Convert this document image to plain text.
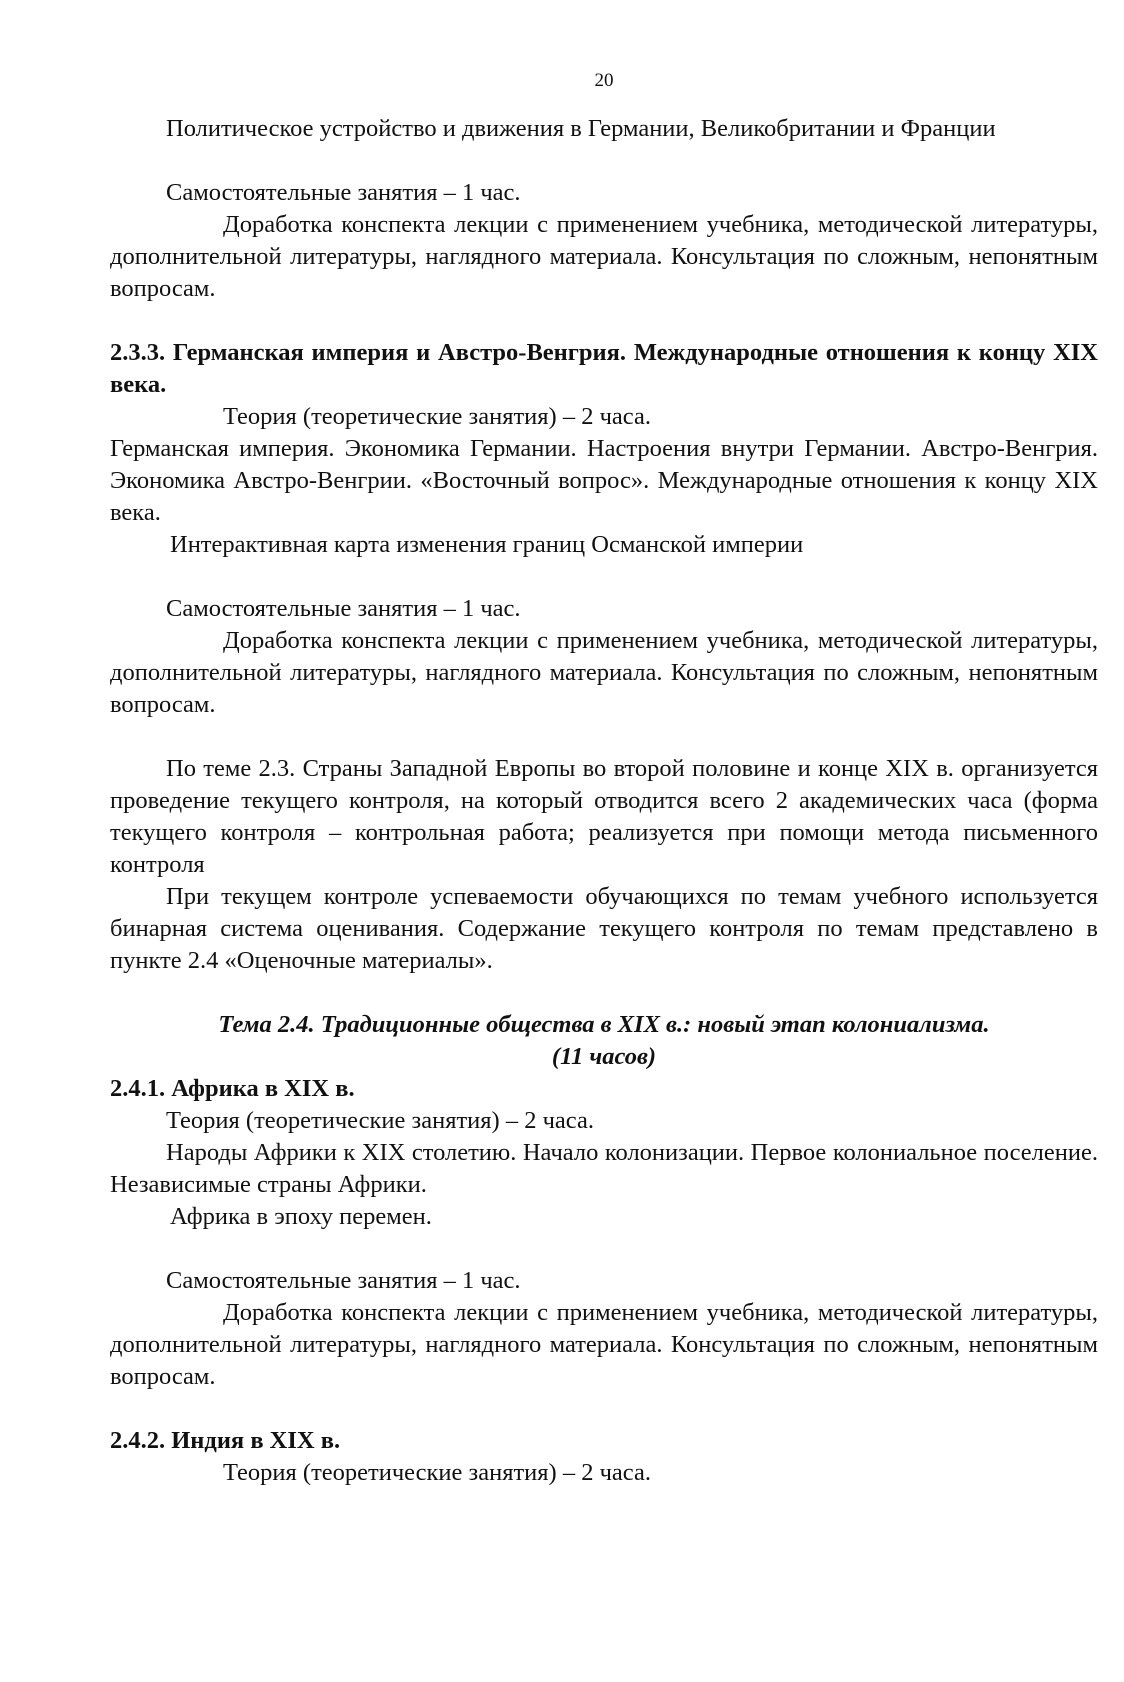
20

Политическое устройство и движения в Германии, Великобритании и Франции

Самостоятельные занятия – 1 час.

Доработка конспекта лекции с применением учебника, методической литературы, дополнительной литературы, наглядного материала. Консультация по сложным, непонятным вопросам.

2.3.3. Германская империя и Австро-Венгрия. Международные отношения к концу XIX века.

Теория (теоретические занятия) – 2 часа.

Германская империя. Экономика Германии. Настроения внутри Германии. Австро-Венгрия. Экономика Австро-Венгрии. «Восточный вопрос». Международные отношения к концу XIX века.

Интерактивная карта изменения границ Османской империи

Самостоятельные занятия – 1 час.

Доработка конспекта лекции с применением учебника, методической литературы, дополнительной литературы, наглядного материала. Консультация по сложным, непонятным вопросам.

По теме 2.3. Страны Западной Европы во второй половине и конце XIX в. организуется проведение текущего контроля, на который отводится всего 2 академических часа (форма текущего контроля – контрольная работа; реализуется при помощи метода письменного контроля

При текущем контроле успеваемости обучающихся по темам учебного используется бинарная система оценивания. Содержание текущего контроля по темам представлено в пункте 2.4 «Оценочные материалы».

Тема 2.4. Традиционные общества в XIX в.: новый этап колониализма.

(11 часов)

2.4.1. Африка в XIX в.

Теория (теоретические занятия) – 2 часа.

Народы Африки к XIX столетию. Начало колонизации. Первое колониальное поселение. Независимые страны Африки.

Африка в эпоху перемен.

Самостоятельные занятия – 1 час.

Доработка конспекта лекции с применением учебника, методической литературы, дополнительной литературы, наглядного материала. Консультация по сложным, непонятным вопросам.

2.4.2. Индия в XIX в.

Теория (теоретические занятия) – 2 часа.
